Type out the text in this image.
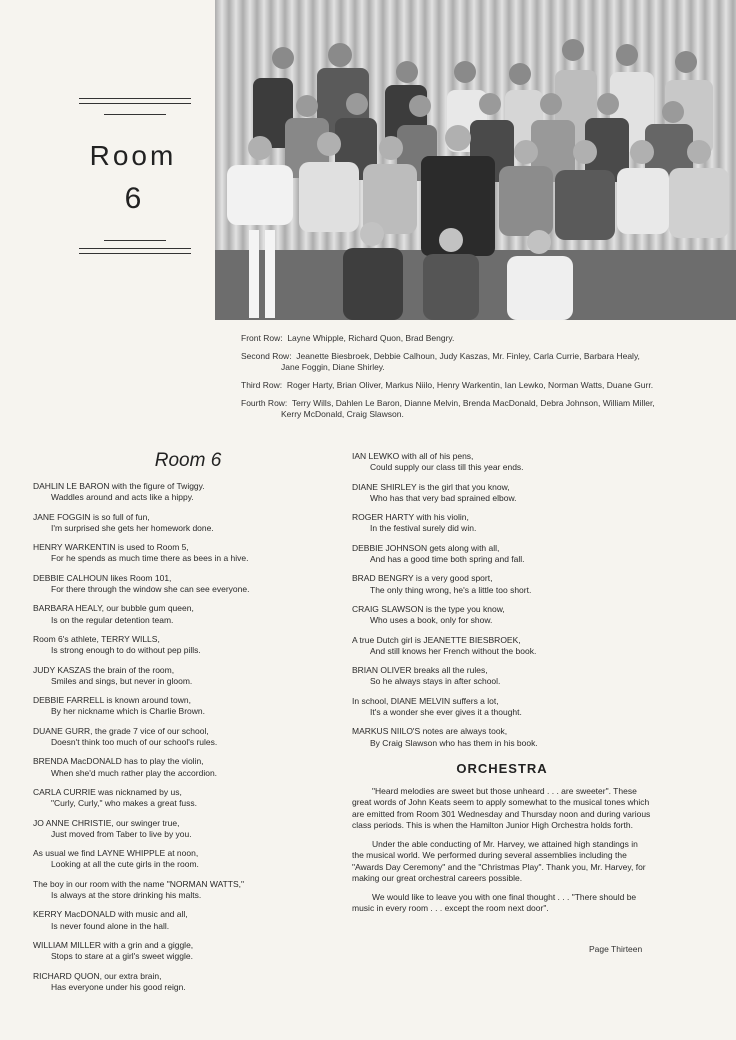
Room
6
Front Row: Layne Whipple, Richard Quon, Brad Bengry.
Second Row: Jeanette Biesbroek, Debbie Calhoun, Judy Kaszas, Mr. Finley, Carla Currie, Barbara Healy, Jane Foggin, Diane Shirley.
Third Row: Roger Harty, Brian Oliver, Markus Niilo, Henry Warkentin, Ian Lewko, Norman Watts, Duane Gurr.
Fourth Row: Terry Wills, Dahlen Le Baron, Dianne Melvin, Brenda MacDonald, Debra Johnson, William Miller, Kerry McDonald, Craig Slawson.
Room 6
DAHLIN LE BARON with the figure of Twiggy.
Waddles around and acts like a hippy.
JANE FOGGIN is so full of fun,
I'm surprised she gets her homework done.
HENRY WARKENTIN is used to Room 5,
For he spends as much time there as bees in a hive.
DEBBIE CALHOUN likes Room 101,
For there through the window she can see everyone.
BARBARA HEALY, our bubble gum queen,
Is on the regular detention team.
Room 6's athlete, TERRY WILLS,
Is strong enough to do without pep pills.
JUDY KASZAS the brain of the room,
Smiles and sings, but never in gloom.
DEBBIE FARRELL is known around town,
By her nickname which is Charlie Brown.
DUANE GURR, the grade 7 vice of our school,
Doesn't think too much of our school's rules.
BRENDA MacDONALD has to play the violin,
When she'd much rather play the accordion.
CARLA CURRIE was nicknamed by us,
"Curly, Curly," who makes a great fuss.
JO ANNE CHRISTIE, our swinger true,
Just moved from Taber to live by you.
As usual we find LAYNE WHIPPLE at noon,
Looking at all the cute girls in the room.
The boy in our room with the name "NORMAN WATTS,"
Is always at the store drinking his malts.
KERRY MacDONALD with music and all,
Is never found alone in the hall.
WILLIAM MILLER with a grin and a giggle,
Stops to stare at a girl's sweet wiggle.
RICHARD QUON, our extra brain,
Has everyone under his good reign.
IAN LEWKO with all of his pens,
Could supply our class till this year ends.
DIANE SHIRLEY is the girl that you know,
Who has that very bad sprained elbow.
ROGER HARTY with his violin,
In the festival surely did win.
DEBBIE JOHNSON gets along with all,
And has a good time both spring and fall.
BRAD BENGRY is a very good sport,
The only thing wrong, he's a little too short.
CRAIG SLAWSON is the type you know,
Who uses a book, only for show.
A true Dutch girl is JEANETTE BIESBROEK,
And still knows her French without the book.
BRIAN OLIVER breaks all the rules,
So he always stays in after school.
In school, DIANE MELVIN suffers a lot,
It's a wonder she ever gives it a thought.
MARKUS NIILO'S notes are always took,
By Craig Slawson who has them in his book.
ORCHESTRA

"Heard melodies are sweet but those unheard . . . are sweeter". These great words of John Keats seem to apply somewhat to the musical tones which are emitted from Room 301 Wednesday and Thursday noon and during various class periods. This is when the Hamilton Junior High Orchestra holds forth.

Under the able conducting of Mr. Harvey, we attained high standings in the musical world. We performed during several assemblies including the "Awards Day Ceremony" and the "Christmas Play". Thank you, Mr. Harvey, for making our great orchestral careers possible.

We would like to leave you with one final thought . . . "There should be music in every room . . . except the room next door".

Page Thirteen
